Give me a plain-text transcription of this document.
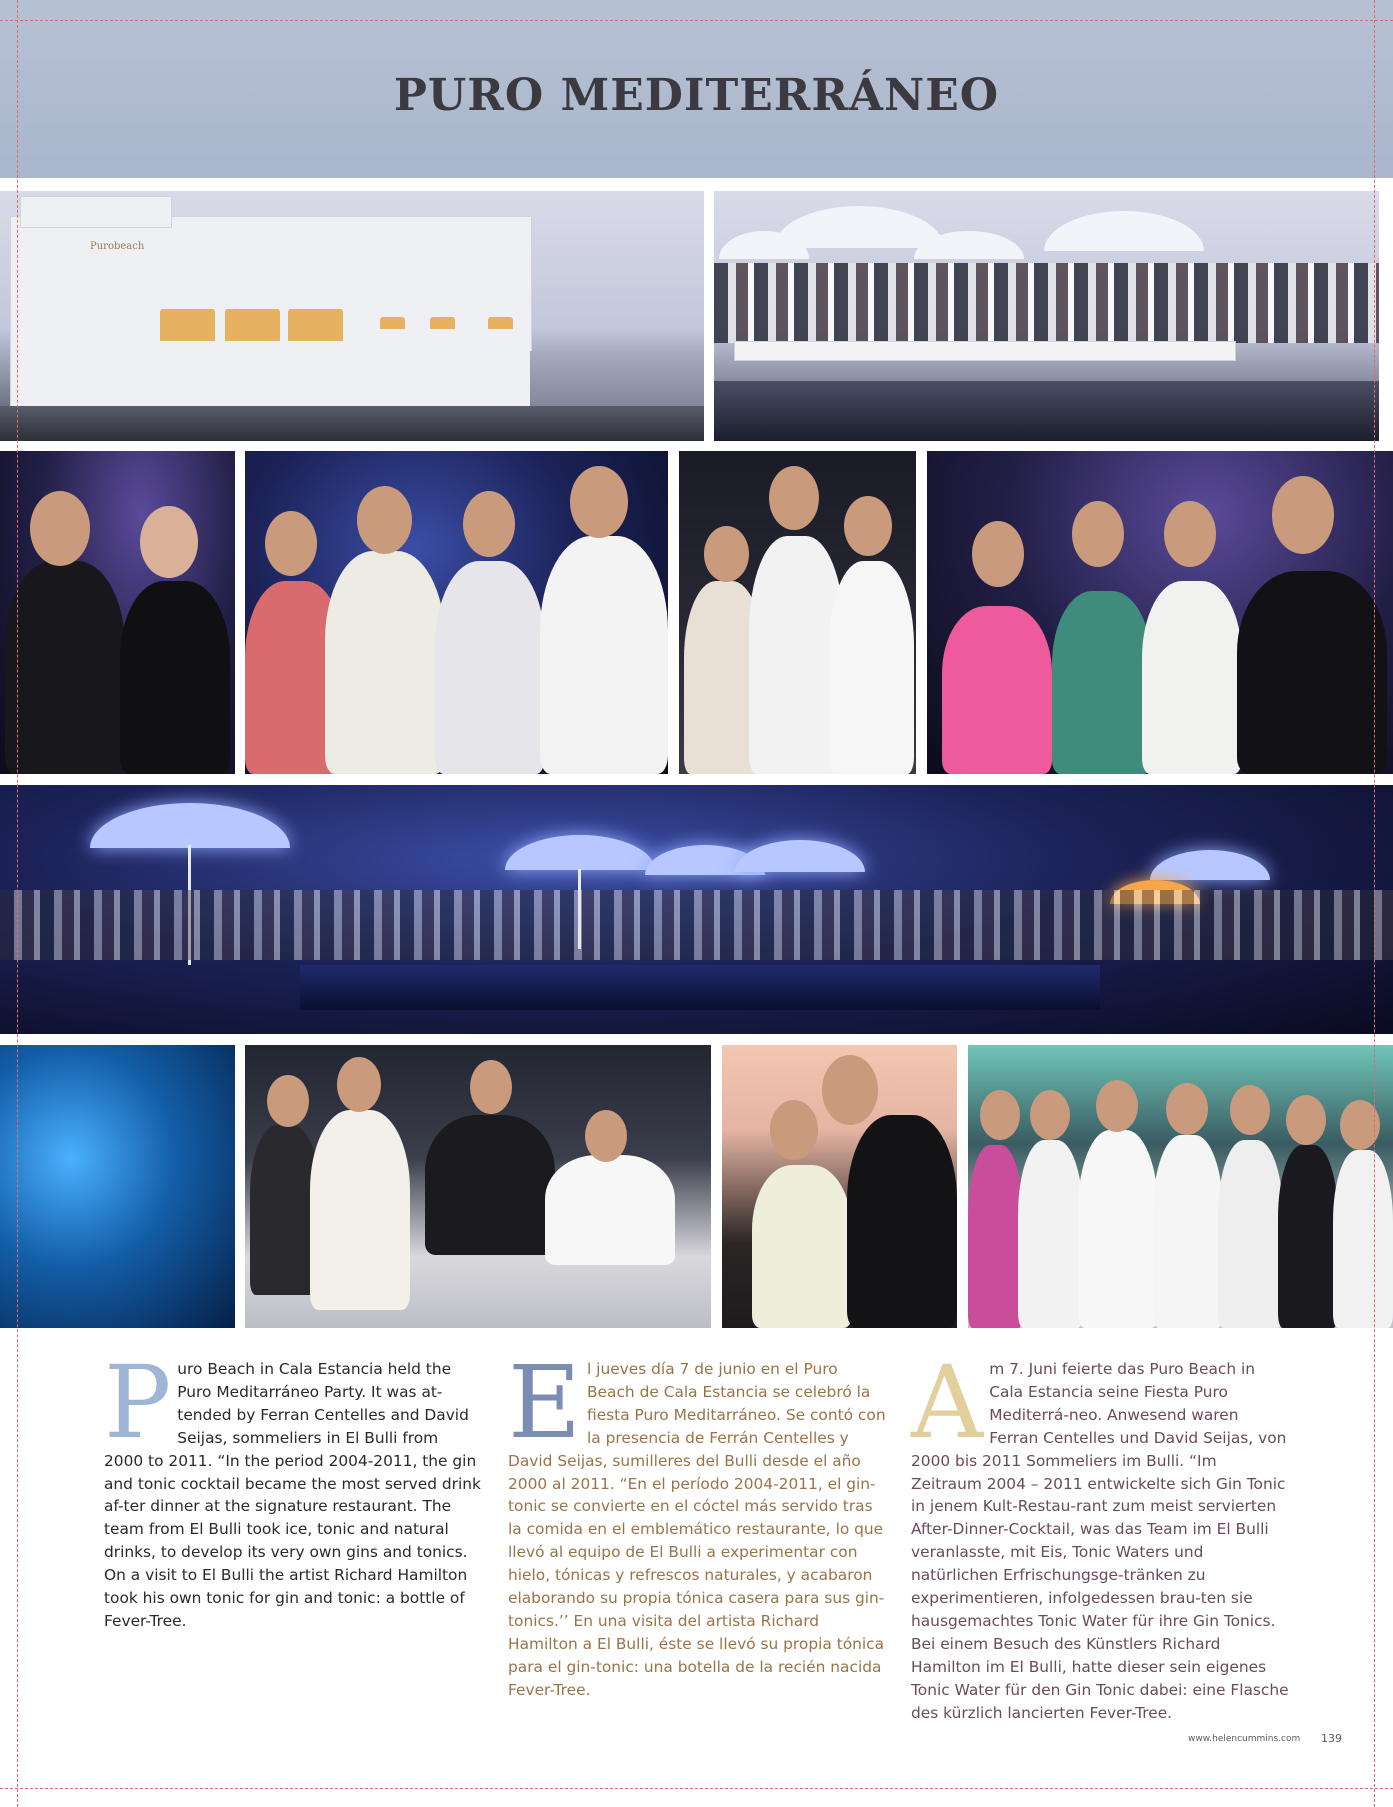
PURO MEDITERRÁNEO
Purobeach
P uro Beach in Cala Estancia held the Puro Meditarráneo Party. It was at-tended by Ferran Centelles and David Seijas, sommeliers in El Bulli from 2000 to 2011. “In the period 2004-2011, the gin and tonic cocktail became the most served drink af-ter dinner at the signature restaurant. The team from El Bulli took ice, tonic and natural drinks, to develop its very own gins and tonics.

On a visit to El Bulli the artist Richard Hamilton took his own tonic for gin and tonic: a bottle of Fever-Tree.

E l jueves día 7 de junio en el Puro Beach de Cala Estancia se celebró la fiesta Puro Meditarráneo. Se contó con la presencia de Ferrán Centelles y David Seijas, sumilleres del Bulli desde el año 2000 al 2011. “En el período 2004-2011, el gin-tonic se convierte en el cóctel más servido tras la comida en el emblemático restaurante, lo que llevó al equipo de El Bulli a experimentar con hielo, tónicas y refrescos naturales, y acabaron elaborando su propia tónica casera para sus gin-tonics.’’ En una visita del artista Richard Hamilton a El Bulli, éste se llevó su propia tónica para el gin-tonic: una botella de la recién nacida Fever-Tree.

A m 7. Juni feierte das Puro Beach in Cala Estancia seine Fiesta Puro Mediterrá-neo. Anwesend waren Ferran Centelles und David Seijas, von 2000 bis 2011 Sommeliers im Bulli. “Im Zeitraum 2004 – 2011 entwickelte sich Gin Tonic in jenem Kult-Restau-rant zum meist servierten After-Dinner-Cocktail, was das Team im El Bulli veranlasste, mit Eis, Tonic Waters und natürlichen Erfrischungsge-tränken zu experimentieren, infolgedessen brau-ten sie hausgemachtes Tonic Water für ihre Gin Tonics. Bei einem Besuch des Künstlers Richard Hamilton im El Bulli, hatte dieser sein eigenes Tonic Water für den Gin Tonic dabei: eine Flasche des kürzlich lancierten Fever-Tree.

www.helencummins.com 139
